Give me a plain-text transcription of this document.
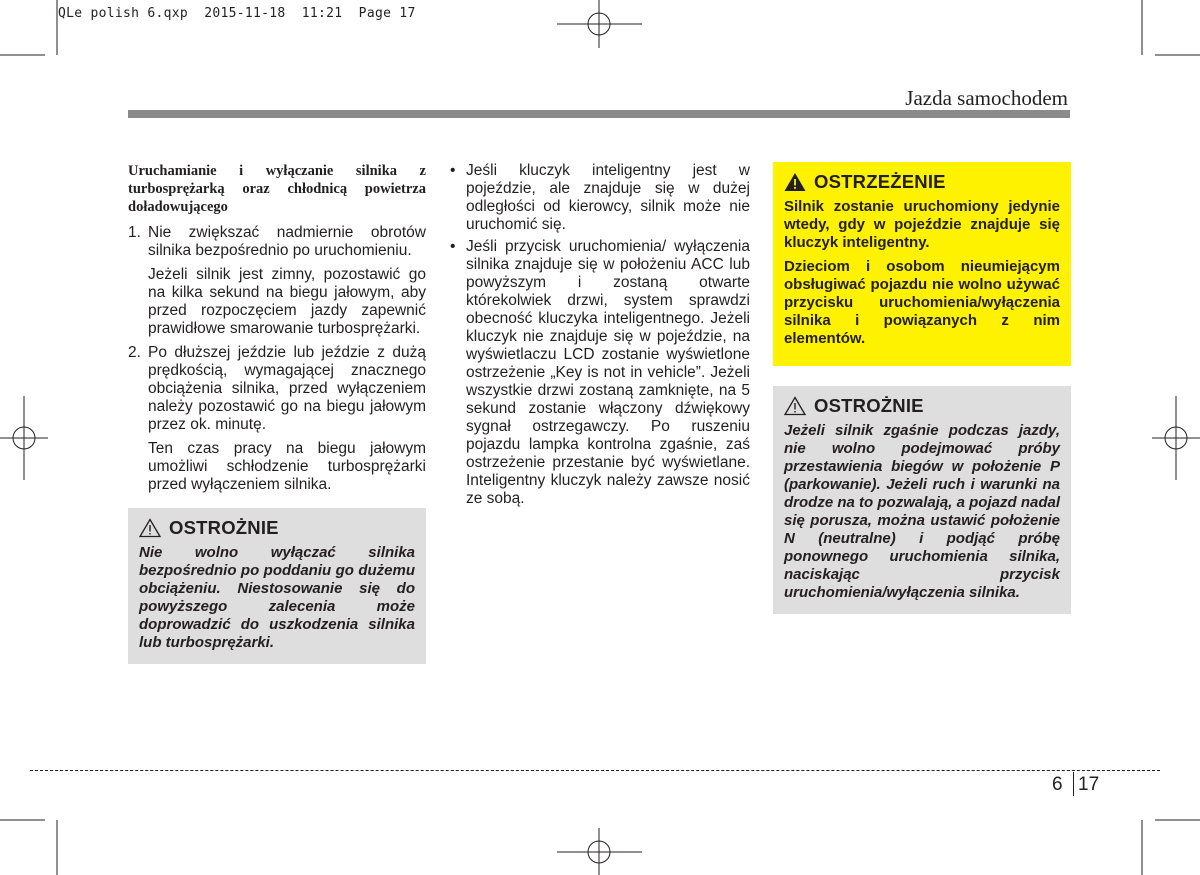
QLe polish 6.qxp  2015-11-18  11:21  Page 17
Jazda samochodem
Uruchamianie i wyłączanie silnika z turbosprężarką oraz chłodnicą powietrza doładowującego
1. Nie zwiększać nadmiernie obrotów silnika bezpośrednio po uruchomieniu.
Jeżeli silnik jest zimny, pozostawić go na kilka sekund na biegu jałowym, aby przed rozpoczęciem jazdy zapewnić prawidłowe smarowanie turbosprężarki.
2. Po dłuższej jeździe lub jeździe z dużą prędkością, wymagającej znacznego obciążenia silnika, przed wyłączeniem należy pozostawić go na biegu jałowym przez ok. minutę.
Ten czas pracy na biegu jałowym umożliwi schłodzenie turbosprężarki przed wyłączeniem silnika.
OSTROŻNIE
Nie wolno wyłączać silnika bezpośrednio po poddaniu go dużemu obciążeniu. Niestosowanie się do powyższego zalecenia może doprowadzić do uszkodzenia silnika lub turbosprężarki.
• Jeśli kluczyk inteligentny jest w pojeździe, ale znajduje się w dużej odległości od kierowcy, silnik może nie uruchomić się.
• Jeśli przycisk uruchomienia/ wyłączenia silnika znajduje się w położeniu ACC lub powyższym i zostaną otwarte którekolwiek drzwi, system sprawdzi obecność kluczyka inteligentnego. Jeżeli kluczyk nie znajduje się w pojeździe, na wyświetlaczu LCD zostanie wyświetlone ostrzeżenie „Key is not in vehicle”. Jeżeli wszystkie drzwi zostaną zamknięte, na 5 sekund zostanie włączony dźwiękowy sygnał ostrzegawczy. Po ruszeniu pojazdu lampka kontrolna zgaśnie, zaś ostrzeżenie przestanie być wyświetlane. Inteligentny kluczyk należy zawsze nosić ze sobą.
OSTRZEŻENIE

Silnik zostanie uruchomiony jedynie wtedy, gdy w pojeździe znajduje się kluczyk inteligentny.

Dzieciom i osobom nieumiejącym obsługiwać pojazdu nie wolno używać przycisku uruchomienia/wyłączenia silnika i powiązanych z nim elementów.

OSTROŻNIE
Jeżeli silnik zgaśnie podczas jazdy, nie wolno podejmować próby przestawienia biegów w położenie P (parkowanie). Jeżeli ruch i warunki na drodze na to pozwalają, a pojazd nadal się porusza, można ustawić położenie N (neutralne) i podjąć próbę ponownego uruchomienia silnika, naciskając przycisk uruchomienia/wyłączenia silnika.
6 17
